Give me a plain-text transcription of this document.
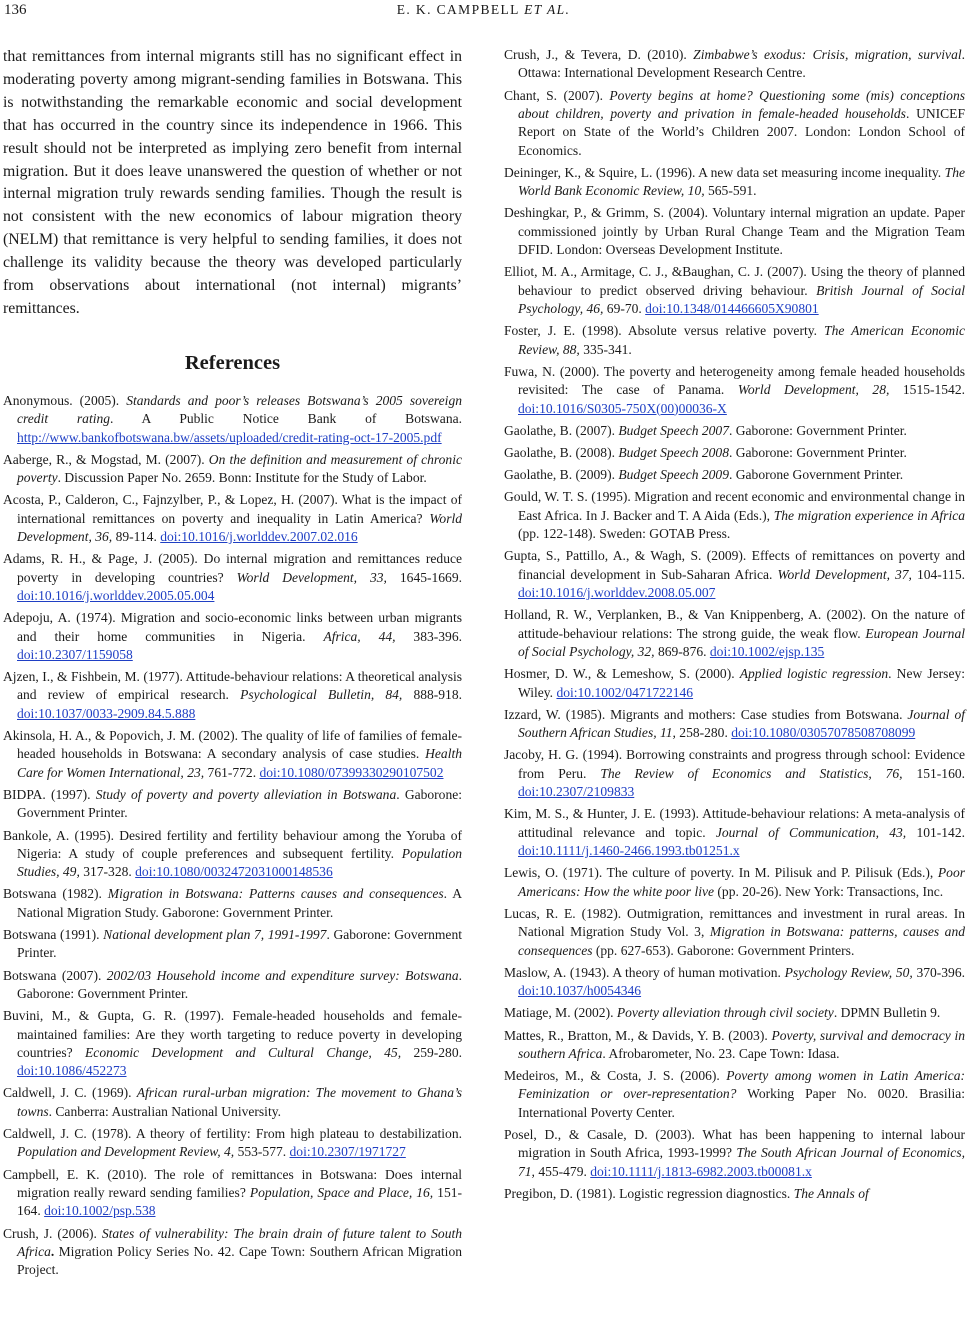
136	E. K. CAMPBELL ET AL.

that remittances from internal migrants still has no significant effect in moderating poverty among migrant-sending families in Botswana. This is notwithstanding the remarkable economic and social development that has occurred in the country since its independence in 1966. This result should not be interpreted as implying zero benefit from internal migration. But it does leave unanswered the question of whether or not internal migration truly rewards sending families. Though the result is not consistent with the new economics of labour migration theory (NELM) that remittance is very helpful to sending families, it does not challenge its validity because the theory was developed particularly from observations about international (not internal) migrants’ remittances.

References

Anonymous. (2005). Standards and poor’s releases Botswana’s 2005 sovereign credit rating. A Public Notice Bank of Botswana. http://www.bankofbotswana.bw/assets/uploaded/credit-rating-oct-17-2005.pdf

Aaberge, R., & Mogstad, M. (2007). On the definition and measurement of chronic poverty. Discussion Paper No. 2659. Bonn: Institute for the Study of Labor.

Acosta, P., Calderon, C., Fajnzylber, P., & Lopez, H. (2007). What is the impact of international remittances on poverty and inequality in Latin America? World Development, 36, 89-114. doi:10.1016/j.worlddev.2007.02.016

Adams, R. H., & Page, J. (2005). Do internal migration and remittances reduce poverty in developing countries? World Development, 33, 1645-1669. doi:10.1016/j.worlddev.2005.05.004

Adepoju, A. (1974). Migration and socio-economic links between urban migrants and their home communities in Nigeria. Africa, 44, 383-396. doi:10.2307/1159058

Ajzen, I., & Fishbein, M. (1977). Attitude-behaviour relations: A theoretical analysis and review of empirical research. Psychological Bulletin, 84, 888-918. doi:10.1037/0033-2909.84.5.888

Akinsola, H. A., & Popovich, J. M. (2002). The quality of life of families of female-headed households in Botswana: A secondary analysis of case studies. Health Care for Women International, 23, 761-772. doi:10.1080/07399330290107502

BIDPA. (1997). Study of poverty and poverty alleviation in Botswana. Gaborone: Government Printer.

Bankole, A. (1995). Desired fertility and fertility behaviour among the Yoruba of Nigeria: A study of couple preferences and subsequent fertility. Population Studies, 49, 317-328. doi:10.1080/0032472031000148536

Botswana (1982). Migration in Botswana: Patterns causes and consequences. A National Migration Study. Gaborone: Government Printer.

Botswana (1991). National development plan 7, 1991-1997. Gaborone: Government Printer.

Botswana (2007). 2002/03 Household income and expenditure survey: Botswana. Gaborone: Government Printer.

Buvini, M., & Gupta, G. R. (1997). Female-headed households and female-maintained families: Are they worth targeting to reduce poverty in developing countries? Economic Development and Cultural Change, 45, 259-280. doi:10.1086/452273

Caldwell, J. C. (1969). African rural-urban migration: The movement to Ghana’s towns. Canberra: Australian National University.

Caldwell, J. C. (1978). A theory of fertility: From high plateau to destabilization. Population and Development Review, 4, 553-577. doi:10.2307/1971727

Campbell, E. K. (2010). The role of remittances in Botswana: Does internal migration really reward sending families? Population, Space and Place, 16, 151-164. doi:10.1002/psp.538

Crush, J. (2006). States of vulnerability: The brain drain of future talent to South Africa. Migration Policy Series No. 42. Cape Town: Southern African Migration Project.

Crush, J., & Tevera, D. (2010). Zimbabwe’s exodus: Crisis, migration, survival. Ottawa: International Development Research Centre.

Chant, S. (2007). Poverty begins at home? Questioning some (mis) conceptions about children, poverty and privation in female-headed households. UNICEF Report on State of the World’s Children 2007. London: London School of Economics.

Deininger, K., & Squire, L. (1996). A new data set measuring income inequality. The World Bank Economic Review, 10, 565-591.

Deshingkar, P., & Grimm, S. (2004). Voluntary internal migration an update. Paper commissioned jointly by Urban Rural Change Team and the Migration Team DFID. London: Overseas Development Institute.

Elliot, M. A., Armitage, C. J., &Baughan, C. J. (2007). Using the theory of planned behaviour to predict observed driving behaviour. British Journal of Social Psychology, 46, 69-70. doi:10.1348/014466605X90801

Foster, J. E. (1998). Absolute versus relative poverty. The American Economic Review, 88, 335-341.

Fuwa, N. (2000). The poverty and heterogeneity among female headed households revisited: The case of Panama. World Development, 28, 1515-1542. doi:10.1016/S0305-750X(00)00036-X

Gaolathe, B. (2007). Budget Speech 2007. Gaborone: Government Printer.

Gaolathe, B. (2008). Budget Speech 2008. Gaborone: Government Printer.

Gaolathe, B. (2009). Budget Speech 2009. Gaborone Government Printer.

Gould, W. T. S. (1995). Migration and recent economic and environmental change in East Africa. In J. Backer and T. A Aida (Eds.), The migration experience in Africa (pp. 122-148). Sweden: GOTAB Press.

Gupta, S., Pattillo, A., & Wagh, S. (2009). Effects of remittances on poverty and financial development in Sub-Saharan Africa. World Development, 37, 104-115. doi:10.1016/j.worlddev.2008.05.007

Holland, R. W., Verplanken, B., & Van Knippenberg, A. (2002). On the nature of attitude-behaviour relations: The strong guide, the weak flow. European Journal of Social Psychology, 32, 869-876. doi:10.1002/ejsp.135

Hosmer, D. W., & Lemeshow, S. (2000). Applied logistic regression. New Jersey: Wiley. doi:10.1002/0471722146

Izzard, W. (1985). Migrants and mothers: Case studies from Botswana. Journal of Southern African Studies, 11, 258-280. doi:10.1080/03057078508708099

Jacoby, H. G. (1994). Borrowing constraints and progress through school: Evidence from Peru. The Review of Economics and Statistics, 76, 151-160. doi:10.2307/2109833

Kim, M. S., & Hunter, J. E. (1993). Attitude-behaviour relations: A meta-analysis of attitudinal relevance and topic. Journal of Communication, 43, 101-142. doi:10.1111/j.1460-2466.1993.tb01251.x

Lewis, O. (1971). The culture of poverty. In M. Pilisuk and P. Pilisuk (Eds.), Poor Americans: How the white poor live (pp. 20-26). New York: Transactions, Inc.

Lucas, R. E. (1982). Outmigration, remittances and investment in rural areas. In National Migration Study Vol. 3, Migration in Botswana: patterns, causes and consequences (pp. 627-653). Gaborone: Government Printers.

Maslow, A. (1943). A theory of human motivation. Psychology Review, 50, 370-396. doi:10.1037/h0054346

Matiage, M. (2002). Poverty alleviation through civil society. DPMN Bulletin 9.

Mattes, R., Bratton, M., & Davids, Y. B. (2003). Poverty, survival and democracy in southern Africa. Afrobarometer, No. 23. Cape Town: Idasa.

Medeiros, M., & Costa, J. S. (2006). Poverty among women in Latin America: Feminization or over-representation? Working Paper No. 0020. Brasilia: International Poverty Center.

Posel, D., & Casale, D. (2003). What has been happening to internal labour migration in South Africa, 1993-1999? The South African Journal of Economics, 71, 455-479. doi:10.1111/j.1813-6982.2003.tb00081.x

Pregibon, D. (1981). Logistic regression diagnostics. The Annals of
